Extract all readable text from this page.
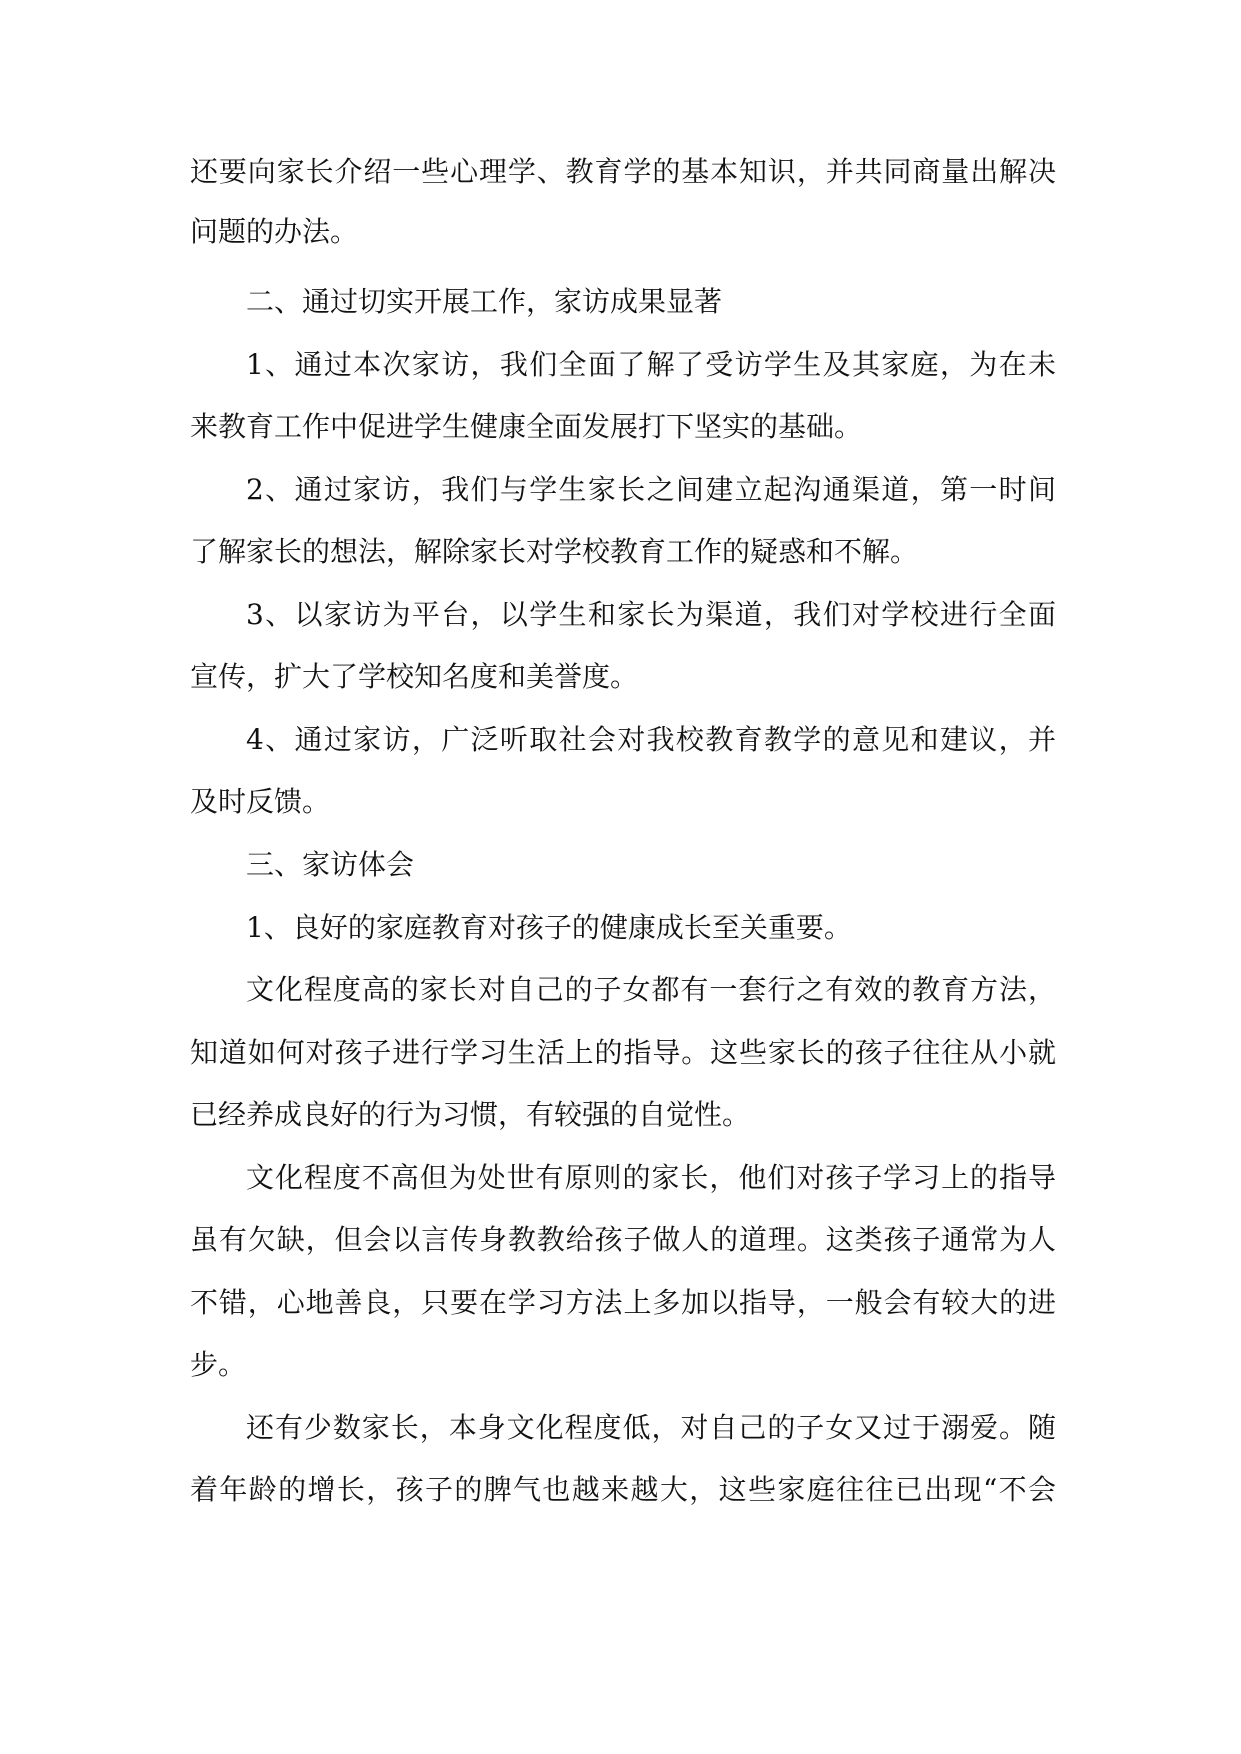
还要向家长介绍一些心理学、教育学的基本知识，并共同商量出解决
问题的办法。
二、通过切实开展工作，家访成果显著
1、通过本次家访，我们全面了解了受访学生及其家庭，为在未
来教育工作中促进学生健康全面发展打下坚实的基础。
2、通过家访，我们与学生家长之间建立起沟通渠道，第一时间
了解家长的想法，解除家长对学校教育工作的疑惑和不解。
3、以家访为平台，以学生和家长为渠道，我们对学校进行全面
宣传，扩大了学校知名度和美誉度。
4、通过家访，广泛听取社会对我校教育教学的意见和建议，并
及时反馈。
三、家访体会
1、良好的家庭教育对孩子的健康成长至关重要。
文化程度高的家长对自己的子女都有一套行之有效的教育方法，
知道如何对孩子进行学习生活上的指导。这些家长的孩子往往从小就
已经养成良好的行为习惯，有较强的自觉性。
文化程度不高但为处世有原则的家长，他们对孩子学习上的指导
虽有欠缺，但会以言传身教教给孩子做人的道理。这类孩子通常为人
不错，心地善良，只要在学习方法上多加以指导，一般会有较大的进
步。
还有少数家长，本身文化程度低，对自己的子女又过于溺爱。随
着年龄的增长，孩子的脾气也越来越大，这些家庭往往已出现“不会
